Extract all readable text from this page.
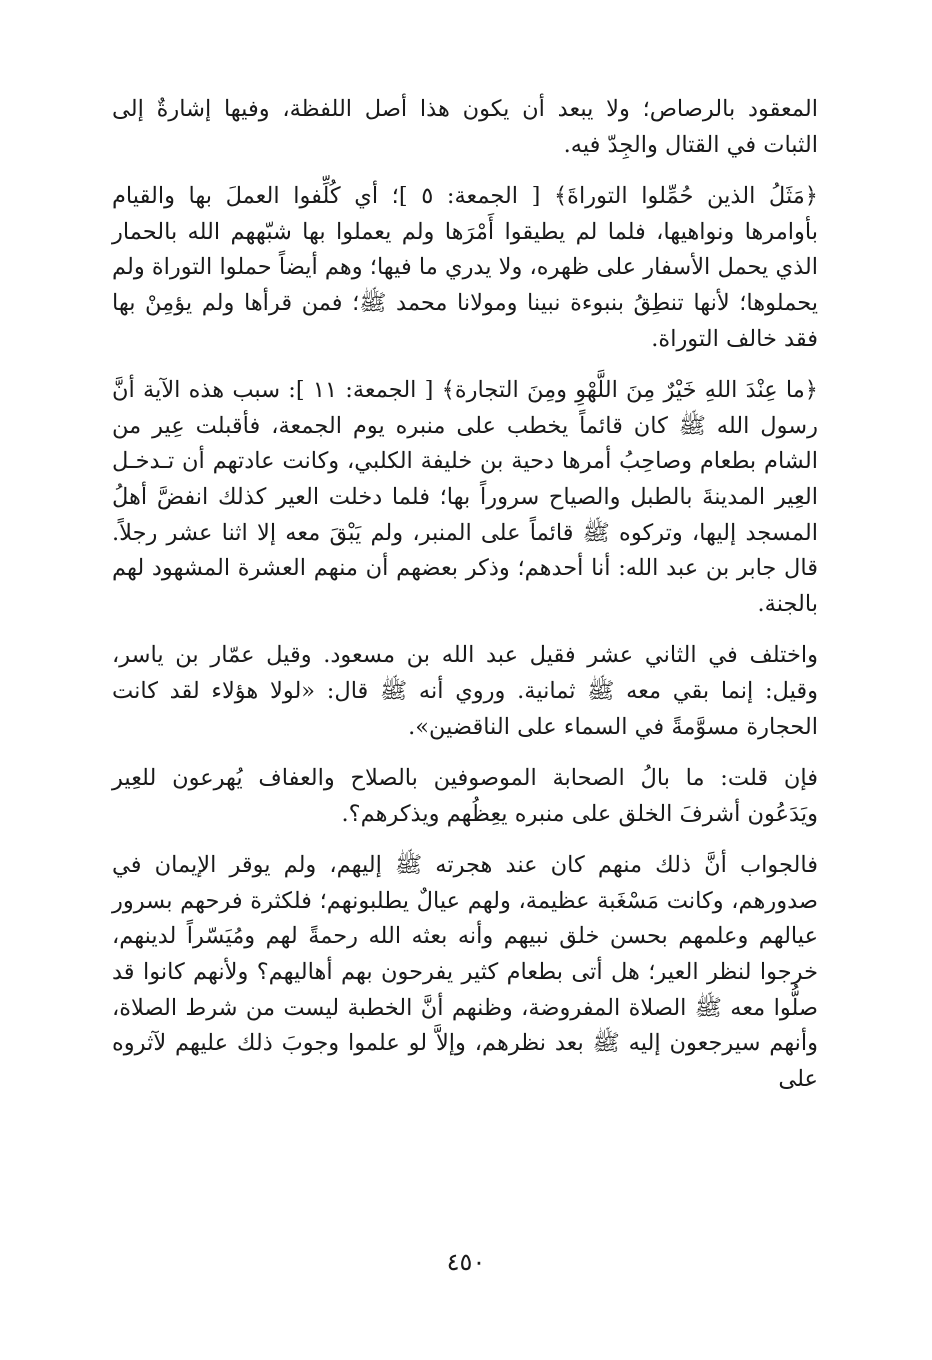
المعقود بالرصاص؛ ولا يبعد أن يكون هذا أصل اللفظة، وفيها إشارةٌ إلى الثبات في القتال والجِدّ فيه.

﴿مَثَلُ الذين حُمِّلوا التوراةَ﴾ [ الجمعة: ٥ ]؛ أي كُلِّفوا العملَ بها والقيام بأوامرها ونواهيها، فلما لم يطيقوا أَمْرَها ولم يعملوا بها شبّههم الله بالحمار الذي يحمل الأسفار على ظهره، ولا يدري ما فيها؛ وهم أيضاً حملوا التوراة ولم يحملوها؛ لأنها تنطِقُ بنبوءة نبينا ومولانا محمد ﷺ؛ فمن قرأها ولم يؤمِنْ بها فقد خالف التوراة.

﴿ما عِنْدَ اللهِ خَيْرٌ مِنَ اللَّهْوِ ومِنَ التجارة﴾ [ الجمعة: ١١ ]: سبب هذه الآية أنَّ رسول الله ﷺ كان قائماً يخطب على منبره يوم الجمعة، فأقبلت عِير من الشام بطعام وصاحِبُ أمرها دحية بن خليفة الكلبي، وكانت عادتهم أن تـدخـل العِير المدينةَ بالطبل والصياح سروراً بها؛ فلما دخلت العير كذلك انفضَّ أهلُ المسجد إليها، وتركوه ﷺ قائماً على المنبر، ولم يَبْقَ معه إلا اثنا عشر رجلاً. قال جابر بن عبد الله: أنا أحدهم؛ وذكر بعضهم أن منهم العشرة المشهود لهم بالجنة.

واختلف في الثاني عشر فقيل عبد الله بن مسعود. وقيل عمّار بن ياسر، وقيل: إنما بقي معه ﷺ ثمانية. وروي أنه ﷺ قال: «لولا هؤلاء لقد كانت الحجارة مسوَّمةً في السماء على الناقضين».

فإن قلت: ما بالُ الصحابة الموصوفين بالصلاح والعفاف يُهرعون للعِير ويَدَعُون أشرفَ الخلق على منبره يعِظُهم ويذكرهم؟.

فالجواب أنَّ ذلك منهم كان عند هجرته ﷺ إليهم، ولم يوقر الإيمان في صدورهم، وكانت مَسْغَبة عظيمة، ولهم عيالٌ يطلبونهم؛ فلكثرة فرحهم بسرور عيالهم وعلمهم بحسن خلق نبيهم وأنه بعثه الله رحمةً لهم ومُيَسّراً لدينهم، خرجوا لنظر العير؛ هل أتى بطعام كثير يفرحون بهم أهاليهم؟ ولأنهم كانوا قد صلُّوا معه ﷺ الصلاة المفروضة، وظنهم أنَّ الخطبة ليست من شرط الصلاة، وأنهم سيرجعون إليه ﷺ بعد نظرهم، وإلاَّ لو علموا وجوبَ ذلك عليهم لآثروه على

٤٥٠
